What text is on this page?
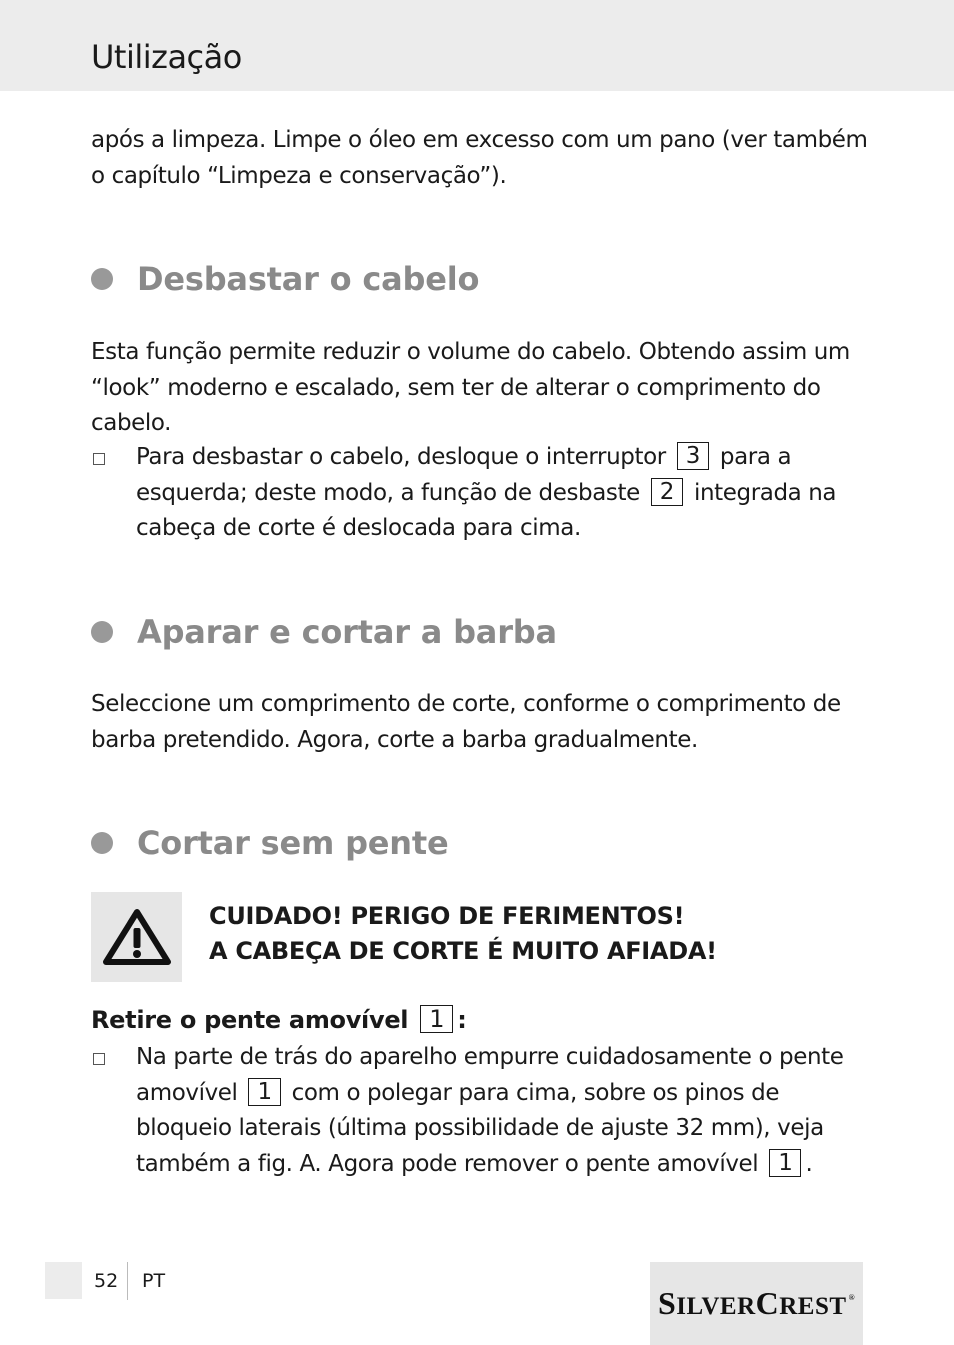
Utilização

após a limpeza. Limpe o óleo em excesso com um pano (ver também o capítulo “Limpeza e conservação”).

Desbastar o cabelo

Esta função permite reduzir o volume do cabelo. Obtendo assim um “look” moderno e escalado, sem ter de alterar o comprimento do cabelo.

Para desbastar o cabelo, desloque o interruptor 3 para a esquerda; deste modo, a função de desbaste 2 integrada na cabeça de corte é deslocada para cima.
Aparar e cortar a barba

Seleccione um comprimento de corte, conforme o comprimento de barba pretendido. Agora, corte a barba gradualmente.

Cortar sem pente
CUIDADO! PERIGO DE FERIMENTOS!
A CABEÇA DE CORTE É MUITO AFIADA!
Retire o pente amovível 1 :
Na parte de trás do aparelho empurre cuidadosamente o pente amovível 1 com o polegar para cima, sobre os pinos de bloqueio laterais (última possibilidade de ajuste 32 mm), veja também a fig. A. Agora pode remover o pente amovível 1 .
52 PT
SILVERCREST ®
